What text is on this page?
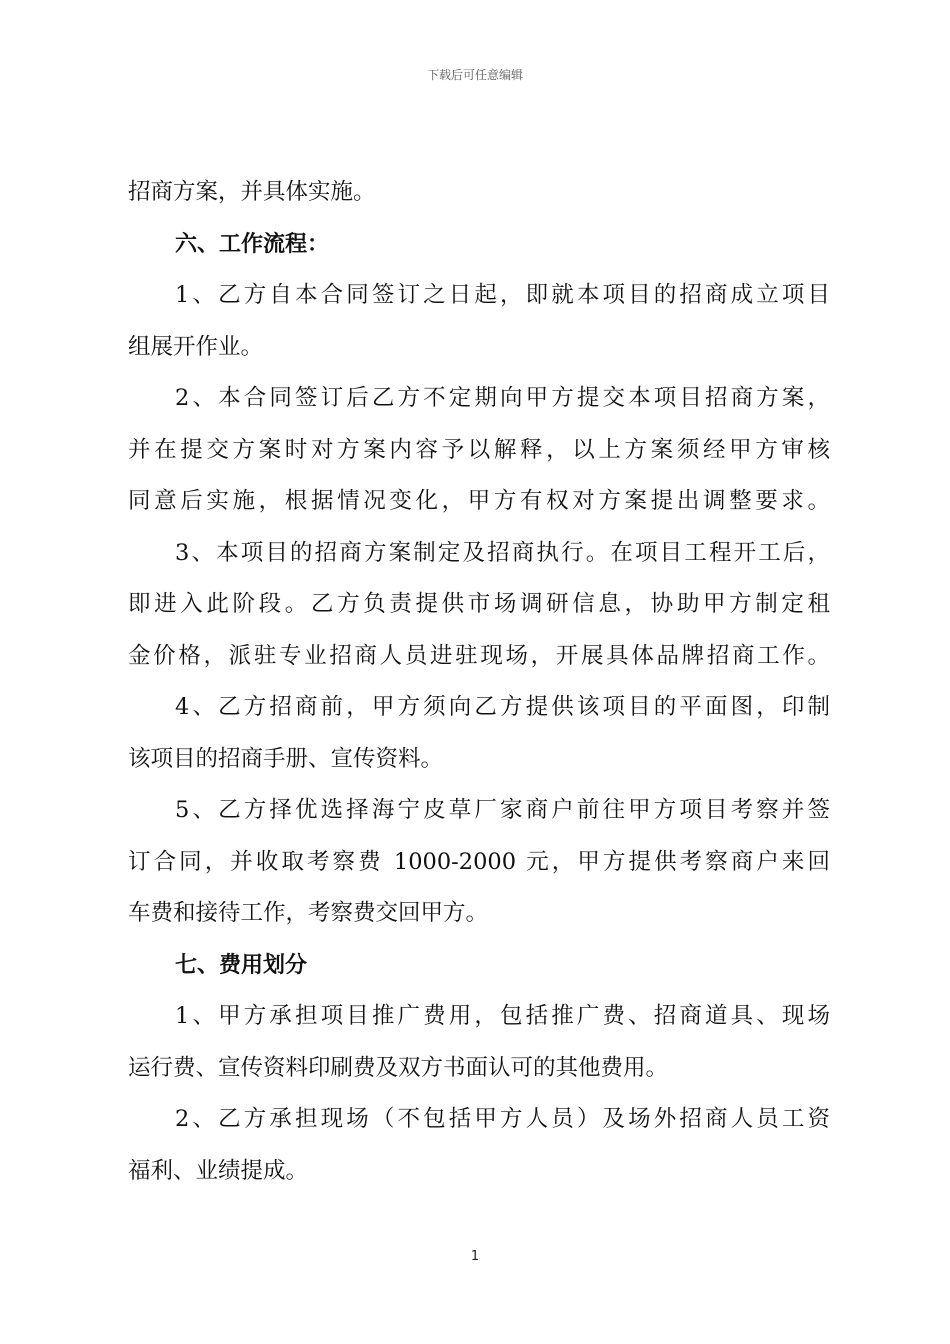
下载后可任意编辑
招商方案，并具体实施。
六、工作流程：
1、乙方自本合同签订之日起，即就本项目的招商成立项目
组展开作业。
2、本合同签订后乙方不定期向甲方提交本项目招商方案，
并在提交方案时对方案内容予以解释，以上方案须经甲方审核
同意后实施，根据情况变化，甲方有权对方案提出调整要求。
3、本项目的招商方案制定及招商执行。在项目工程开工后，
即进入此阶段。乙方负责提供市场调研信息，协助甲方制定租
金价格，派驻专业招商人员进驻现场，开展具体品牌招商工作。
4、乙方招商前，甲方须向乙方提供该项目的平面图，印制
该项目的招商手册、宣传资料。
5、乙方择优选择海宁皮草厂家商户前往甲方项目考察并签
订合同，并收取考察费 1000-2000 元，甲方提供考察商户来回
车费和接待工作，考察费交回甲方。
七、费用划分
1、甲方承担项目推广费用，包括推广费、招商道具、现场
运行费、宣传资料印刷费及双方书面认可的其他费用。
2、乙方承担现场（不包括甲方人员）及场外招商人员工资
福利、业绩提成。
1
